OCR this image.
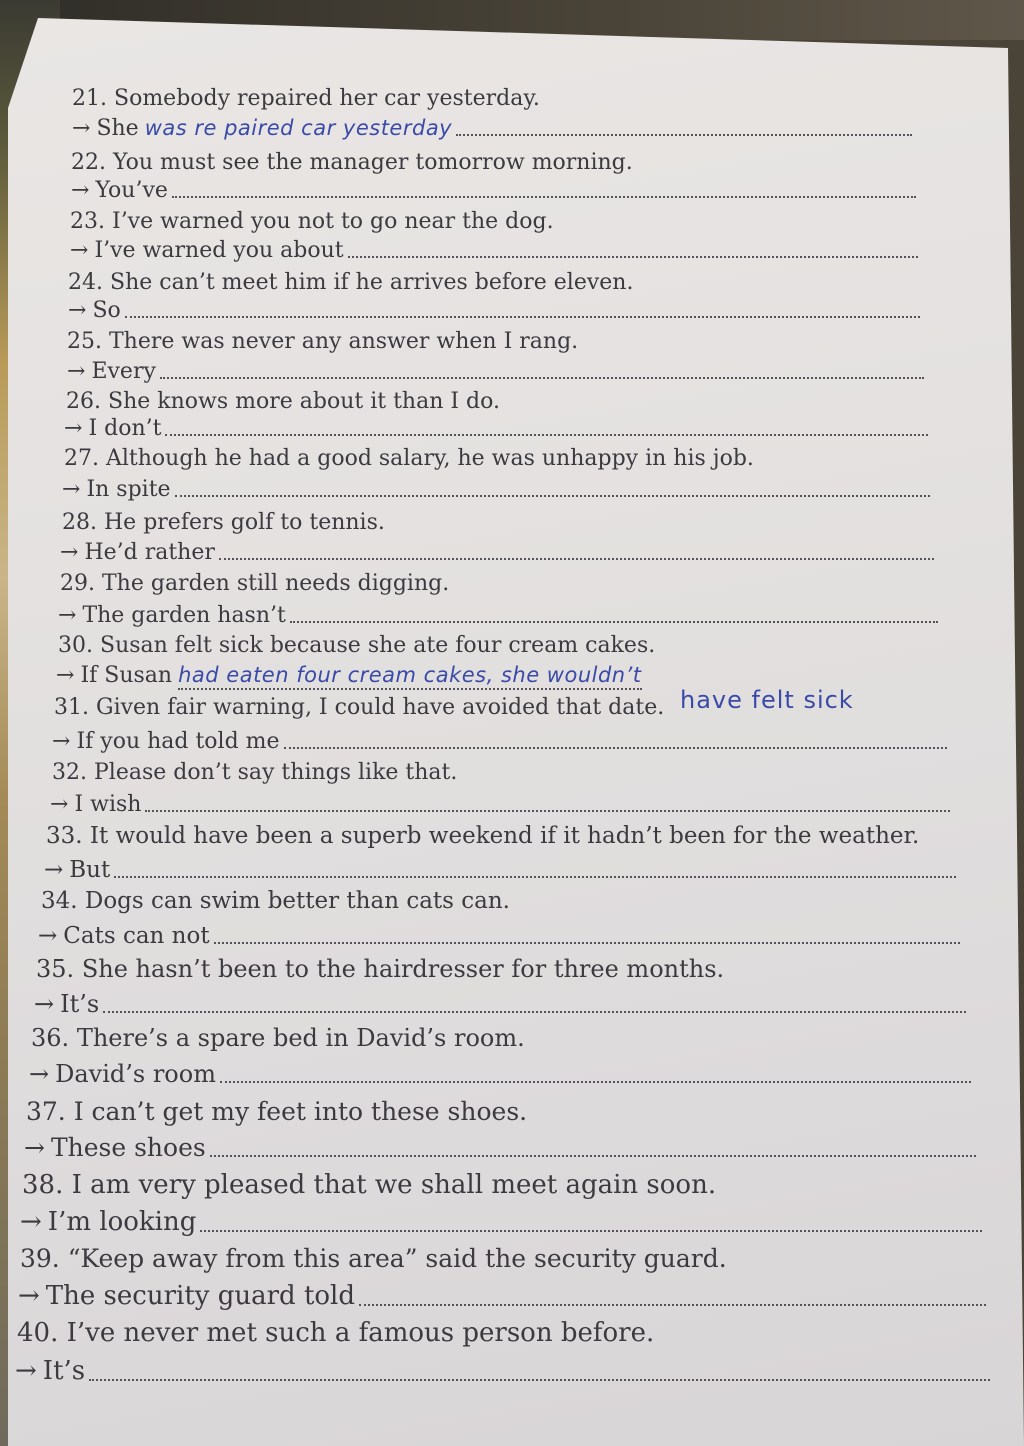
21.
Somebody repaired her car yesterday.
→ She was re paired car yesterday
22.
You must see the manager tomorrow morning.
→ You’ve
23.
I’ve warned you not to go near the dog.
→ I’ve warned you about
24.
She can’t meet him if he arrives before eleven.
→ So
25.
There was never any answer when I rang.
→ Every
26.
She knows more about it than I do.
→ I don’t
27.
Although he had a good salary, he was unhappy in his job.
→ In spite
28.
He prefers golf to tennis.
→ He’d rather
29.
The garden still needs digging.
→ The garden hasn’t
30.
Susan felt sick because she ate four cream cakes.
→ If Susan had eaten four cream cakes, she wouldn’t
31.
Given fair warning, I could have avoided that date. have felt sick
→ If you had told me
32.
Please don’t say things like that.
→ I wish
33.
It would have been a superb weekend if it hadn’t been for the weather.
→ But
34.
Dogs can swim better than cats can.
→ Cats can not
35.
She hasn’t been to the hairdresser for three months.
→ It’s
36.
There’s a spare bed in David’s room.
→ David’s room
37.
I can’t get my feet into these shoes.
→ These shoes
38.
I am very pleased that we shall meet again soon.
→ I’m looking
39.
“Keep away from this area” said the security guard.
→ The security guard told
40.
I’ve never met such a famous person before.
→ It’s
